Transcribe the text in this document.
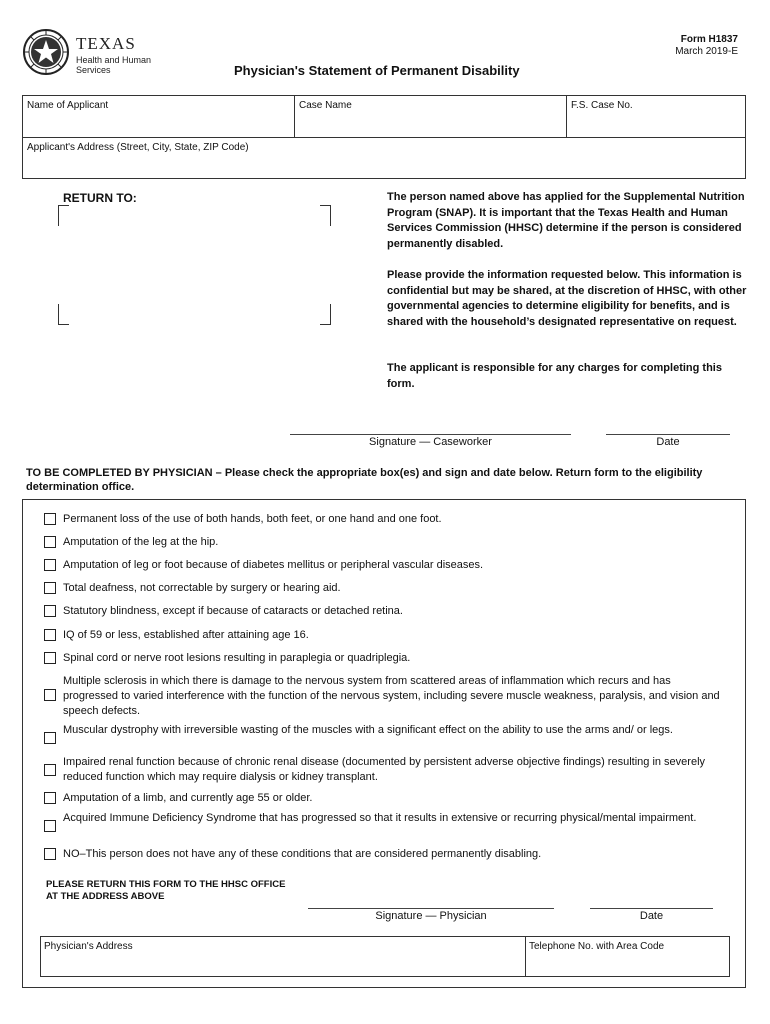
TEXAS
Health and Human
Services
Form H1837
March 2019-E
Physician's Statement of Permanent Disability
Name of Applicant	Case Name	F.S. Case No.
Applicant's Address (Street, City, State, ZIP Code)
RETURN TO:	The person named above has applied for the Supplemental Nutrition Program (SNAP). It is important that the Texas Health and Human Services Commission (HHSC) determine if the person is considered permanently disabled.
Please provide the information requested below. This information is confidential but may be shared, at the discretion of HHSC, with other governmental agencies to determine eligibility for benefits, and is shared with the household’s designated representative on request.
The applicant is responsible for any charges for completing this form.
Signature — Caseworker	Date
TO BE COMPLETED BY PHYSICIAN – Please check the appropriate box(es) and sign and date below. Return form to the eligibility determination office.
Permanent loss of the use of both hands, both feet, or one hand and one foot.
Amputation of the leg at the hip.
Amputation of leg or foot because of diabetes mellitus or peripheral vascular diseases.
Total deafness, not correctable by surgery or hearing aid.
Statutory blindness, except if because of cataracts or detached retina.
IQ of 59 or less, established after attaining age 16.
Spinal cord or nerve root lesions resulting in paraplegia or quadriplegia.
Multiple sclerosis in which there is damage to the nervous system from scattered areas of inflammation which recurs and has progressed to varied interference with the function of the nervous system, including severe muscle weakness, paralysis, and vision and speech defects.
Muscular dystrophy with irreversible wasting of the muscles with a significant effect on the ability to use the arms and/ or legs.
Impaired renal function because of chronic renal disease (documented by persistent adverse objective findings) resulting in severely reduced function which may require dialysis or kidney transplant.
Amputation of a limb, and currently age 55 or older.
Acquired Immune Deficiency Syndrome that has progressed so that it results in extensive or recurring physical/mental impairment.
NO–This person does not have any of these conditions that are considered permanently disabling.
PLEASE RETURN THIS FORM TO THE HHSC OFFICE AT THE ADDRESS ABOVE
Signature — Physician	Date
Physician's Address	Telephone No. with Area Code
